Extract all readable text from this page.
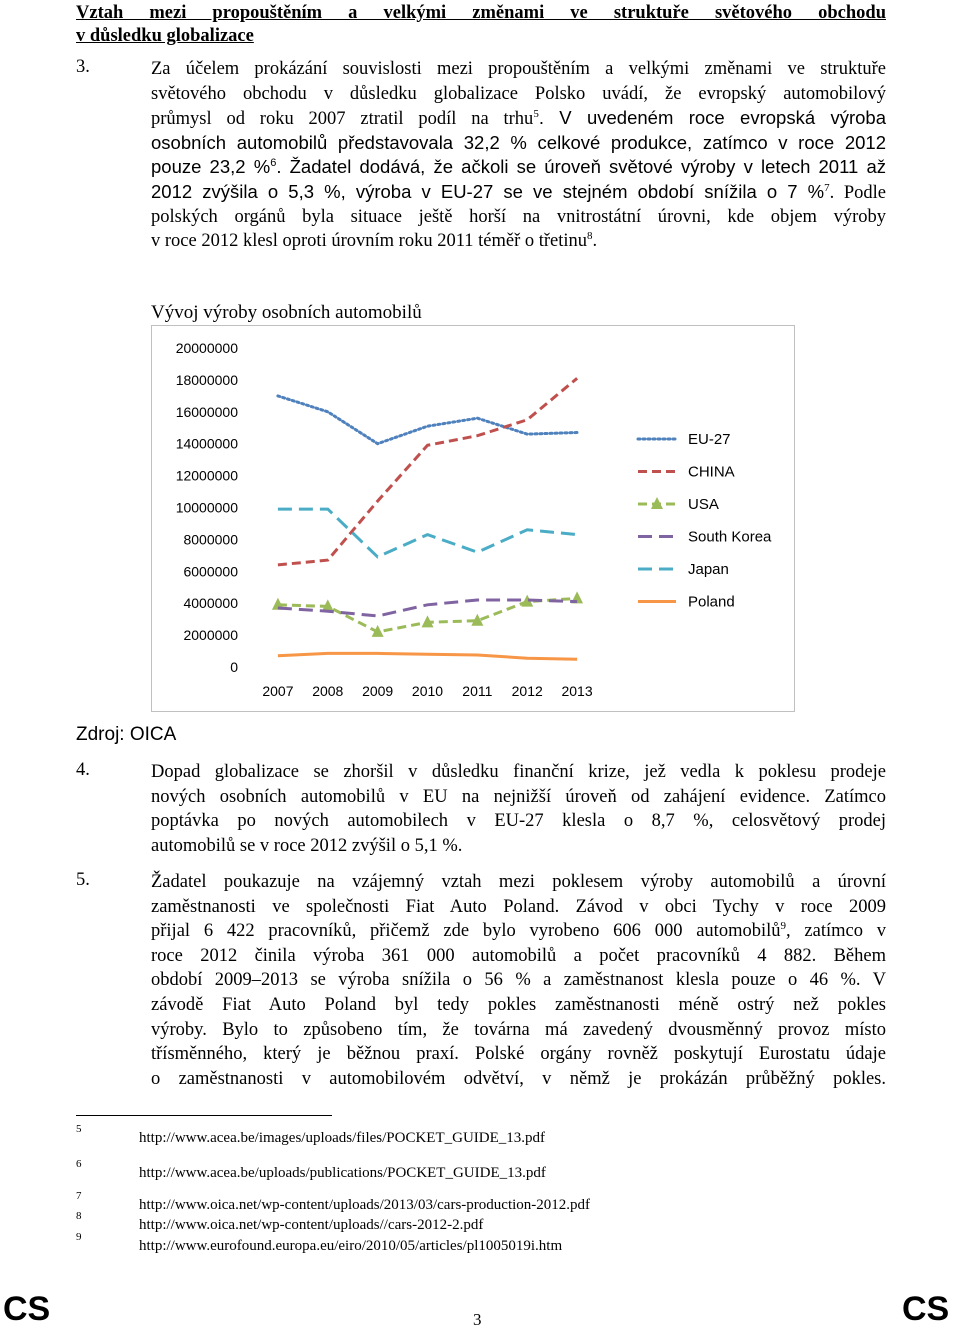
Vztah mezi propouštěním a velkými změnami ve struktuře světového obchodu
v důsledku globalizace
3.	Za účelem prokázání souvislosti mezi propouštěním a velkými změnami ve struktuře
světového obchodu v důsledku globalizace Polsko uvádí, že evropský automobilový
průmysl od roku 2007 ztratil podíl na trhu$^5$. V uvedeném roce evropská výroba
osobních automobilů představovala 32,2 % celkové produkce, zatímco v roce 2012
pouze 23,2 %$^6$. Žadatel dodává, že ačkoli se úroveň světové výroby v letech 2011 až
2012 zvýšila o 5,3 %, výroba v EU-27 se ve stejném období snížila o 7 %$^7$. Podle
polských orgánů byla situace ještě horší na vnitrostátní úrovni, kde objem výroby
v roce 2012 klesl oproti úrovním roku 2011 téměř o třetinu$^8$.
Vývoj výroby osobních automobilů
20000000
18000000
16000000
14000000
12000000
10000000
8000000
6000000
4000000
2000000
0
2007 2008 2009 2010 2011 2012 2013
EU-27
CHINA
USA
South Korea
Japan
Poland
Zdroj: OICA
4.	Dopad globalizace se zhoršil v důsledku finanční krize, jež vedla k poklesu prodeje
nových osobních automobilů v EU na nejnižší úroveň od zahájení evidence. Zatímco
poptávka po nových automobilech v EU-27 klesla o 8,7 %, celosvětový prodej
automobilů se v roce 2012 zvýšil o 5,1 %.
5.	Žadatel poukazuje na vzájemný vztah mezi poklesem výroby automobilů a úrovní
zaměstnanosti ve společnosti Fiat Auto Poland. Závod v obci Tychy v roce 2009
přijal 6 422 pracovníků, přičemž zde bylo vyrobeno 606 000 automobilů$^9$, zatímco v
roce 2012 činila výroba 361 000 automobilů a počet pracovníků 4 882. Během
období 2009–2013 se výroba snížila o 56 % a zaměstnanost klesla pouze o 46 %. V
závodě Fiat Auto Poland byl tedy pokles zaměstnanosti méně ostrý než pokles
výroby. Bylo to způsobeno tím, že továrna má zavedený dvousměnný provoz místo
třísměnného, který je běžnou praxí. Polské orgány rovněž poskytují Eurostatu údaje
o zaměstnanosti v automobilovém odvětví, v němž je prokázán průběžný pokles.
5
http://www.acea.be/images/uploads/files/POCKET_GUIDE_13.pdf
6
http://www.acea.be/uploads/publications/POCKET_GUIDE_13.pdf
7
http://www.oica.net/wp-content/uploads/2013/03/cars-production-2012.pdf
8
http://www.oica.net/wp-content/uploads//cars-2012-2.pdf
9
http://www.eurofound.europa.eu/eiro/2010/05/articles/pl1005019i.htm
CS	3	CS
